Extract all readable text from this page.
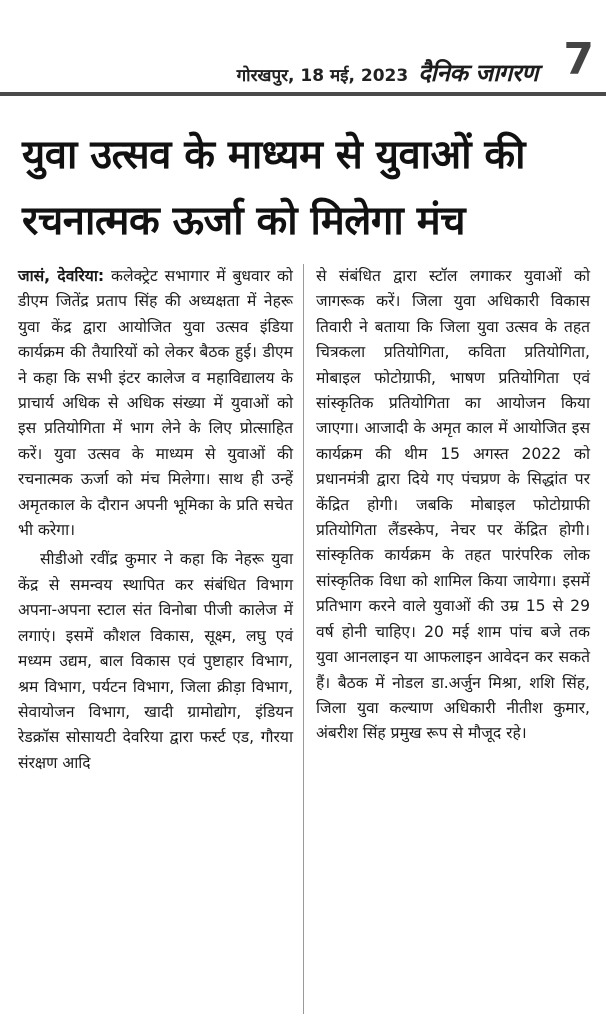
गोरखपुर, 18 मई, 2023 दैनिक जागरण 7
युवा उत्सव के माध्यम से युवाओं की रचनात्मक ऊर्जा को मिलेगा मंच

जासं, देवरिया: कलेक्ट्रेट सभागार में बुधवार को डीएम जितेंद्र प्रताप सिंह की अध्यक्षता में नेहरू युवा केंद्र द्वारा आयोजित युवा उत्सव इंडिया कार्यक्रम की तैयारियों को लेकर बैठक हुई। डीएम ने कहा कि सभी इंटर कालेज व महाविद्यालय के प्राचार्य अधिक से अधिक संख्या में युवाओं को इस प्रतियोगिता में भाग लेने के लिए प्रोत्साहित करें। युवा उत्सव के माध्यम से युवाओं की रचनात्मक ऊर्जा को मंच मिलेगा। साथ ही उन्हें अमृतकाल के दौरान अपनी भूमिका के प्रति सचेत भी करेगा।

सीडीओ रवींद्र कुमार ने कहा कि नेहरू युवा केंद्र से समन्वय स्थापित कर संबंधित विभाग अपना-अपना स्टाल संत विनोबा पीजी कालेज में लगाएं। इसमें कौशल विकास, सूक्ष्म, लघु एवं मध्यम उद्यम, बाल विकास एवं पुष्टाहार विभाग, श्रम विभाग, पर्यटन विभाग, जिला क्रीड़ा विभाग, सेवायोजन विभाग, खादी ग्रामोद्योग, इंडियन रेडक्रॉस सोसायटी देवरिया द्वारा फर्स्ट एड, गौरया संरक्षण आदि

से संबंधित द्वारा स्टॉल लगाकर युवाओं को जागरूक करें। जिला युवा अधिकारी विकास तिवारी ने बताया कि जिला युवा उत्सव के तहत चित्रकला प्रतियोगिता, कविता प्रतियोगिता, मोबाइल फोटोग्राफी, भाषण प्रतियोगिता एवं सांस्कृतिक प्रतियोगिता का आयोजन किया जाएगा। आजादी के अमृत काल में आयोजित इस कार्यक्रम की थीम 15 अगस्त 2022 को प्रधानमंत्री द्वारा दिये गए पंचप्रण के सिद्धांत पर केंद्रित होगी। जबकि मोबाइल फोटोग्राफी प्रतियोगिता लैंडस्केप, नेचर पर केंद्रित होगी। सांस्कृतिक कार्यक्रम के तहत पारंपरिक लोक सांस्कृतिक विधा को शामिल किया जायेगा। इसमें प्रतिभाग करने वाले युवाओं की उम्र 15 से 29 वर्ष होनी चाहिए। 20 मई शाम पांच बजे तक युवा आनलाइन या आफलाइन आवेदन कर सकते हैं। बैठक में नोडल डा.अर्जुन मिश्रा, शशि सिंह, जिला युवा कल्याण अधिकारी नीतीश कुमार, अंबरीश सिंह प्रमुख रूप से मौजूद रहे।
